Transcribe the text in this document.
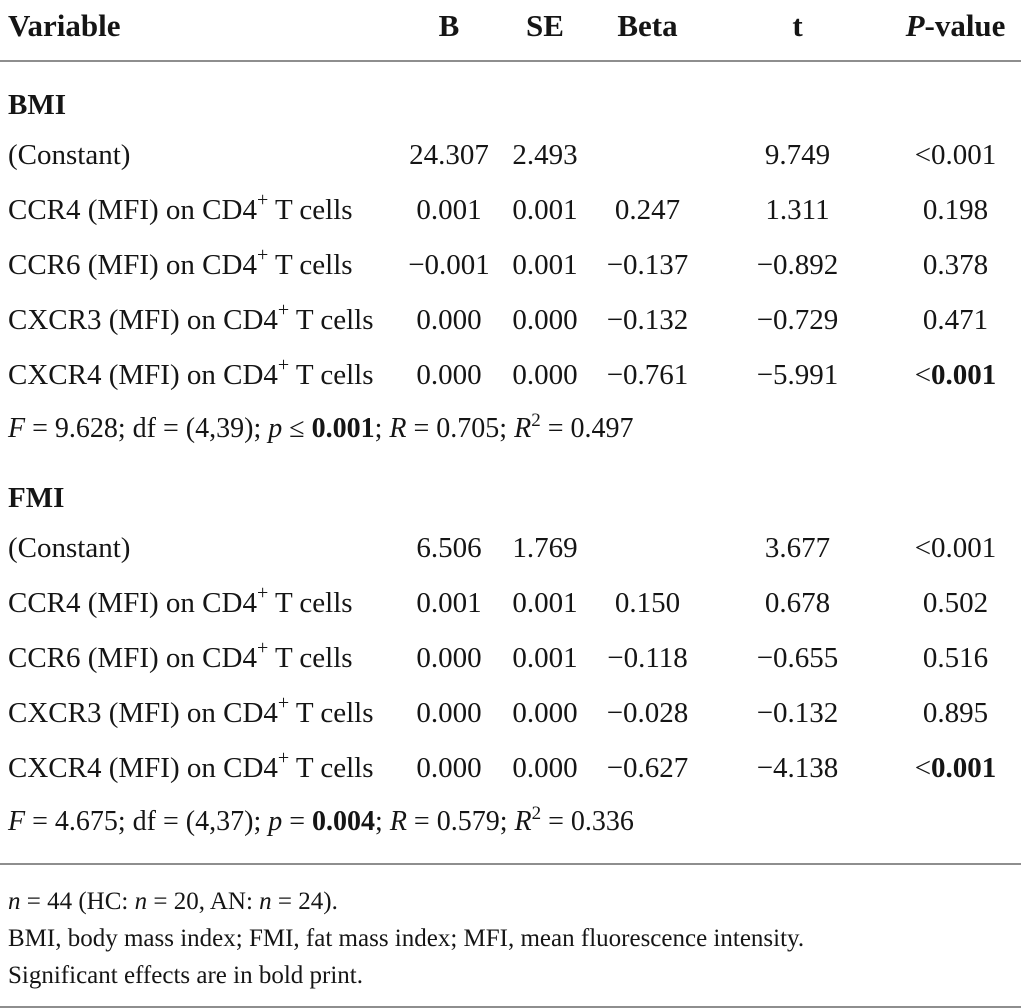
Variable	B	SE	Beta	t	P-value
BMI					
(Constant)	24.307	2.493		9.749	<0.001
CCR4 (MFI) on CD4+ T cells	0.001	0.001	0.247	1.311	0.198
CCR6 (MFI) on CD4+ T cells	−0.001	0.001	−0.137	−0.892	0.378
CXCR3 (MFI) on CD4+ T cells	0.000	0.000	−0.132	−0.729	0.471
CXCR4 (MFI) on CD4+ T cells	0.000	0.000	−0.761	−5.991	<0.001
F = 9.628; df = (4,39); p ≤ 0.001; R = 0.705; $R^2 = 0.497$					
FMI					
(Constant)	6.506	1.769		3.677	<0.001
CCR4 (MFI) on CD4+ T cells	0.001	0.001	0.150	0.678	0.502
CCR6 (MFI) on CD4+ T cells	0.000	0.001	−0.118	−0.655	0.516
CXCR3 (MFI) on CD4+ T cells	0.000	0.000	−0.028	−0.132	0.895
CXCR4 (MFI) on CD4+ T cells	0.000	0.000	−0.627	−4.138	<0.001
F = 4.675; df = (4,37); p = 0.004; R = 0.579; $R^2 = 0.336$					
n = 44 (HC: n = 20, AN: n = 24).
BMI, body mass index; FMI, fat mass index; MFI, mean fluorescence intensity.
Significant effects are in bold print.
